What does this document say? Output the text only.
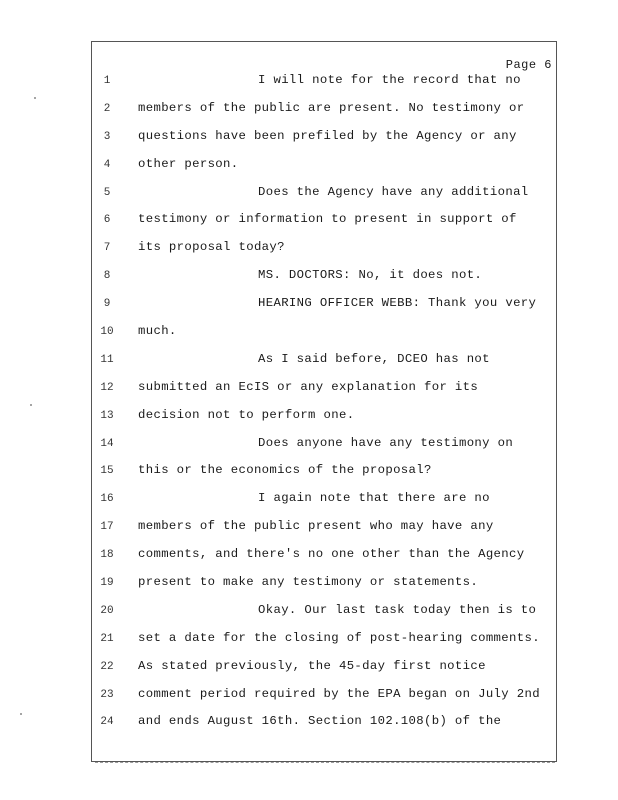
Page 6
1	I will note for the record that no
2	members of the public are present. No testimony or
3	questions have been prefiled by the Agency or any
4	other person.
5	Does the Agency have any additional
6	testimony or information to present in support of
7	its proposal today?
8	MS. DOCTORS: No, it does not.
9	HEARING OFFICER WEBB: Thank you very
10	much.
11	As I said before, DCEO has not
12	submitted an EcIS or any explanation for its
13	decision not to perform one.
14	Does anyone have any testimony on
15	this or the economics of the proposal?
16	I again note that there are no
17	members of the public present who may have any
18	comments, and there's no one other than the Agency
19	present to make any testimony or statements.
20	Okay. Our last task today then is to
21	set a date for the closing of post-hearing comments.
22	As stated previously, the 45-day first notice
23	comment period required by the EPA began on July 2nd
24	and ends August 16th. Section 102.108(b) of the
